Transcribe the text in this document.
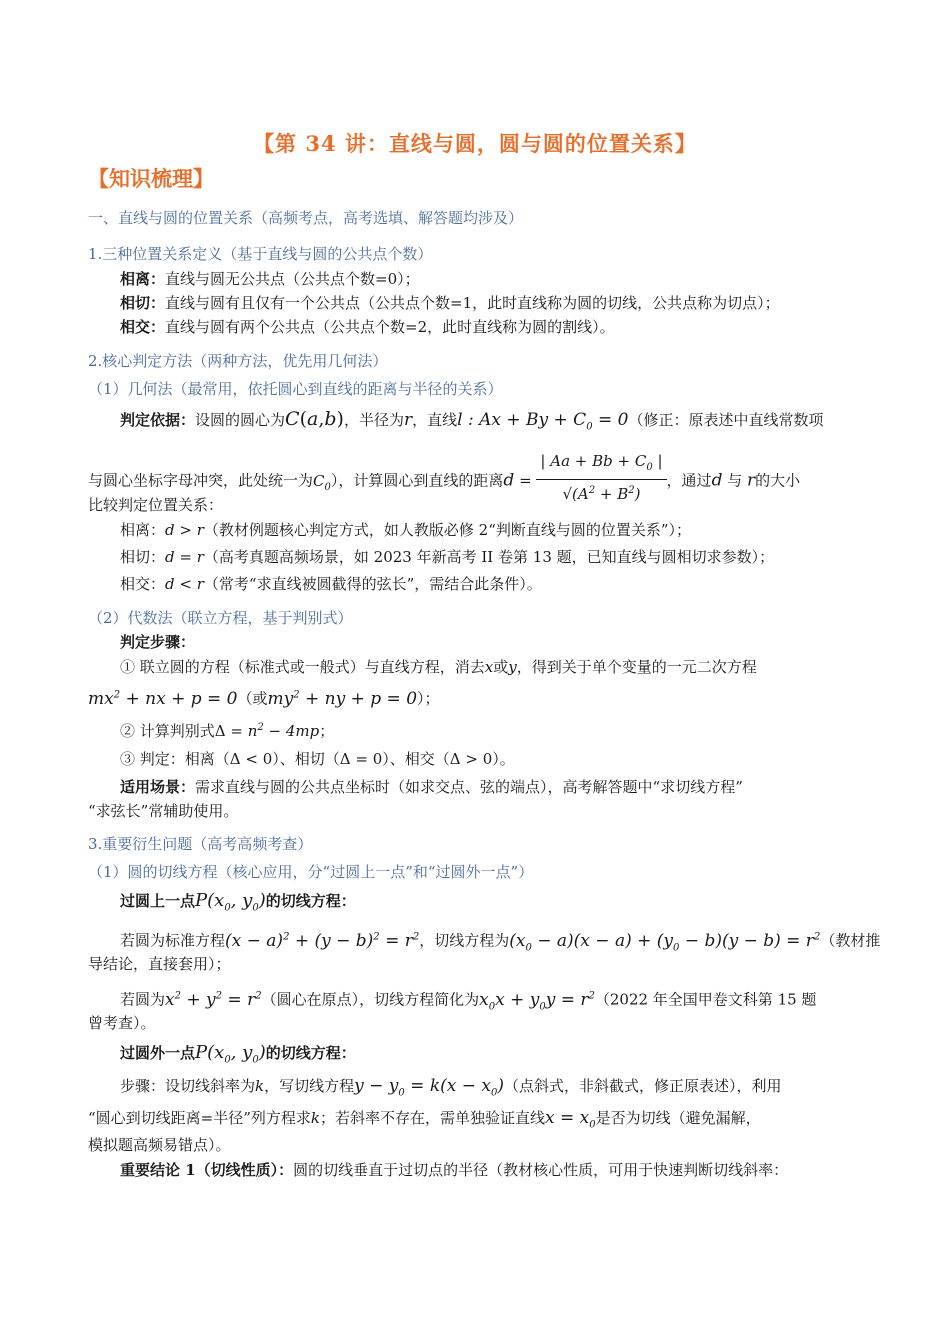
【第 34 讲：直线与圆，圆与圆的位置关系】
【知识梳理】
一、直线与圆的位置关系（高频考点，高考选填、解答题均涉及）
1.三种位置关系定义（基于直线与圆的公共点个数）
相离：直线与圆无公共点（公共点个数=0）；
相切：直线与圆有且仅有一个公共点（公共点个数=1，此时直线称为圆的切线，公共点称为切点）；
相交：直线与圆有两个公共点（公共点个数=2，此时直线称为圆的割线）。
2.核心判定方法（两种方法，优先用几何法）
（1）几何法（最常用，依托圆心到直线的距离与半径的关系）
判定依据：设圆的圆心为C(a,b)，半径为r，直线l : $Ax + By + C_0 = 0$（修正：原表述中直线常数项
与圆心坐标字母冲突，此处统一为$C_0$），计算圆心到直线的距离$d = \frac{| Aa + Bb + C_0 |}{√(A^2 + B^2)}$ ，通过d 与 r的大小
比较判定位置关系：
相离：d > r（教材例题核心判定方式，如人教版必修 2“判断直线与圆的位置关系”）；
相切：d = r（高考真题高频场景，如 2023 年新高考 II 卷第 13 题，已知直线与圆相切求参数）；
相交：d < r（常考“求直线被圆截得的弦长”，需结合此条件）。
（2）代数法（联立方程，基于判别式）
判定步骤：
① 联立圆的方程（标准式或一般式）与直线方程，消去x或y，得到关于单个变量的一元二次方程
$mx^2$ + nx + p = 0（或$my^2$ + ny + p = 0）；
② 计算判别式$\Delta = n^2 - 4mp$；
③ 判定：相离（Δ < 0）、相切（Δ = 0）、相交（Δ > 0）。
适用场景：需求直线与圆的公共点坐标时（如求交点、弦的端点），高考解答题中“求切线方程”
“求弦长”常辅助使用。
3.重要衍生问题（高考高频考查）
（1）圆的切线方程（核心应用，分“过圆上一点”和“过圆外一点”）
过圆上一点$P(x_0$, $y_0$)的切线方程：
若圆为标准方程$(x - a)^2 + (y - b)^2 = r^2$，切线方程为$(x_0 - a)(x - a) + (y_0 - b)(y - b) = r^2$（教材推
导结论，直接套用）；
若圆为$x^2 + y^2 = r^2$（圆心在原点），切线方程简化为$x_0x + y_0y = r^2(2022$ 年全国甲卷文科第 15 题
曾考查）。
过圆外一点$P(x_0$, $y_0$)的切线方程：
步骤：设切线斜率为k，写切线方程$y - y_0 = k(x - x_0)$（点斜式，非斜截式，修正原表述），利用
“圆心到切线距离=半径”列方程求k；若斜率不存在，需单独验证直线$x = x_0$是否为切线（避免漏解，
模拟题高频易错点）。
重要结论 1（切线性质）：圆的切线垂直于过切点的半径（教材核心性质，可用于快速判断切线斜率：
